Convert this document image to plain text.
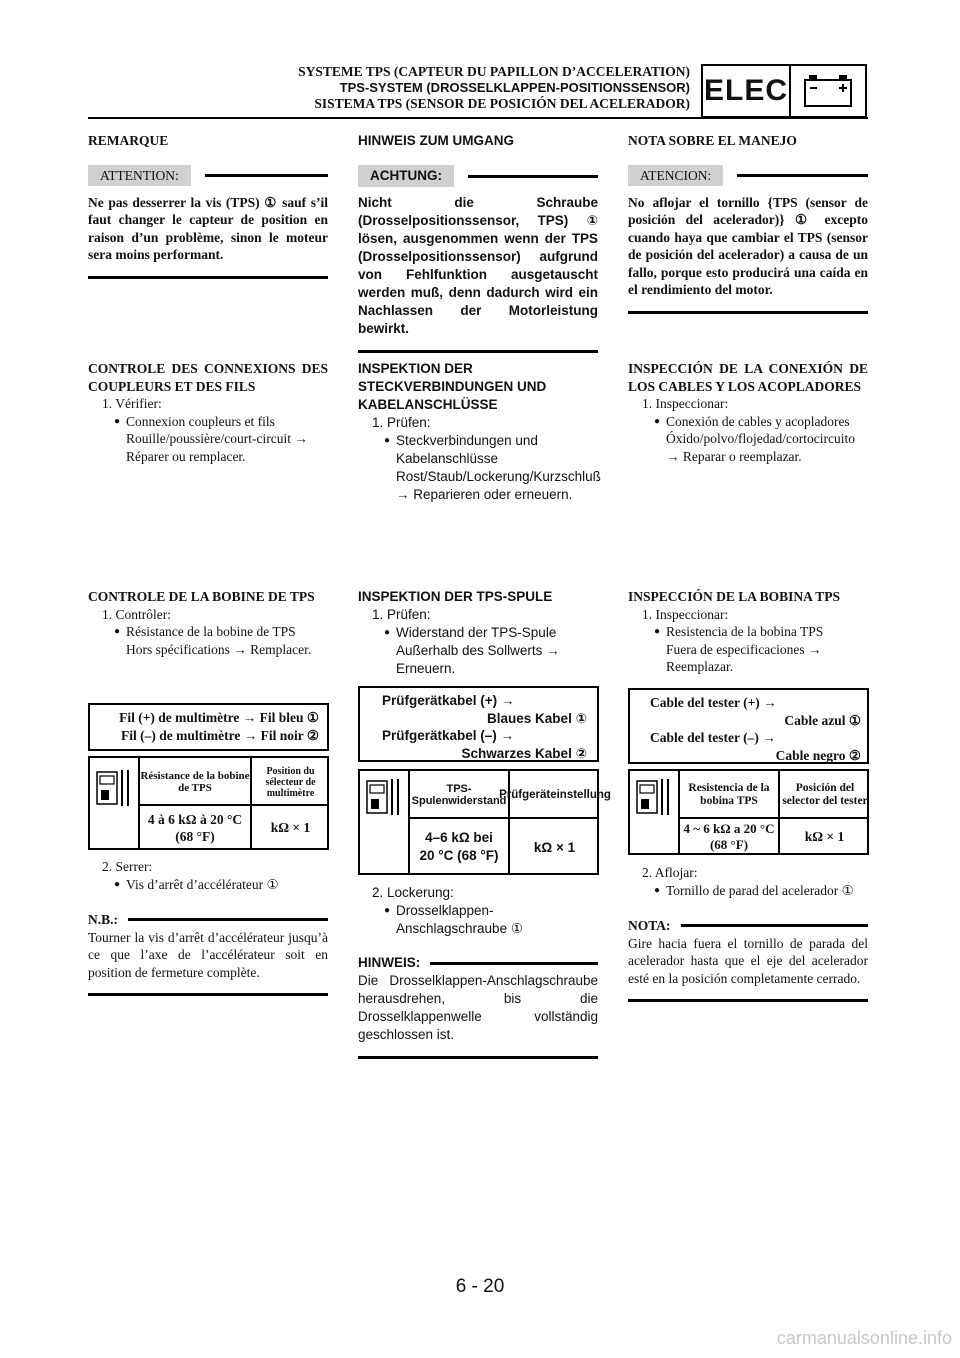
SYSTEME TPS (CAPTEUR DU PAPILLON D’ACCELERATION)
TPS-SYSTEM (DROSSELKLAPPEN-POSITIONSSENSOR)
SISTEMA TPS (SENSOR DE POSICIÓN DEL ACELERADOR) ELEC

REMARQUE

ATTENTION:

Ne pas desserrer la vis (TPS) ① sauf s’il faut changer le capteur de position en raison d’un problème, sinon le moteur sera moins performant.

CONTROLE DES CONNEXIONS DES COUPLEURS ET DES FILS

1. Vérifier:

● Connexion coupleurs et fils

Rouille/poussière/court-circuit → Réparer ou remplacer.

CONTROLE DE LA BOBINE DE TPS

1. Contrôler:

● Résistance de la bobine de TPS

Hors spécifications → Remplacer.

Fil (+) de multimètre → Fil bleu ①
Fil (–) de multimètre → Fil noir ②
Résistance de la bobine de TPS
Position du sélecteur de multimètre
4 à 6 kΩ à 20 °C (68 °F)
kΩ × 1

2. Serrer:

● Vis d’arrêt d’accélérateur ①
N.B.:

Tourner la vis d’arrêt d’accélérateur jusqu’à ce que l’axe de l’accélérateur soit en position de fermeture complète.

HINWEIS ZUM UMGANG

ACHTUNG:

Nicht die Schraube (Drosselpositionssensor, TPS) ① lösen, ausgenommen wenn der TPS (Drosselpositionssensor) aufgrund von Fehlfunktion ausgetauscht werden muß, denn dadurch wird ein Nachlassen der Motorleistung bewirkt.

INSPEKTION DER STECKVERBINDUNGEN UND KABELANSCHLÜSSE

1. Prüfen:

● Steckverbindungen und Kabelanschlüsse

Rost/Staub/Lockerung/Kurzschluß → Reparieren oder erneuern.

INSPEKTION DER TPS-SPULE

1. Prüfen:

● Widerstand der TPS-Spule

Außerhalb des Sollwerts → Erneuern.

Prüfgerätkabel (+) →
Blaues Kabel ①
Prüfgerätkabel (–) →
Schwarzes Kabel ②
TPS-Spulenwiderstand
Prüfgeräteinstellung
4–6 kΩ bei 20 °C (68 °F)
kΩ × 1

2. Lockerung:

● Drosselklappen-Anschlagschraube ①
HINWEIS:

Die Drosselklappen-Anschlagschraube herausdrehen, bis die Drosselklappenwelle vollständig geschlossen ist.

NOTA SOBRE EL MANEJO

ATENCION:

No aflojar el tornillo {TPS (sensor de posición del acelerador)} ① excepto cuando haya que cambiar el TPS (sensor de posición del acelerador) a causa de un fallo, porque esto producirá una caída en el rendimiento del motor.

INSPECCIÓN DE LA CONEXIÓN DE LOS CABLES Y LOS ACOPLADORES

1. Inspeccionar:

● Conexión de cables y acopladores

Óxido/polvo/flojedad/cortocircuito → Reparar o reemplazar.

INSPECCIÓN DE LA BOBINA TPS

1. Inspeccionar:

● Resistencia de la bobina TPS

Fuera de especificaciones → Reemplazar.

Cable del tester (+) →
Cable azul ①
Cable del tester (–) →
Cable negro ②
Resistencia de la bobina TPS
Posición del selector del tester
4 ~ 6 kΩ a 20 °C (68 °F)
kΩ × 1

2. Aflojar:

● Tornillo de parad del acelerador ①
NOTA:

Gire hacia fuera el tornillo de parada del acelerador hasta que el eje del acelerador esté en la posición completamente cerrado.

6 - 20
carmanualsonline.info
